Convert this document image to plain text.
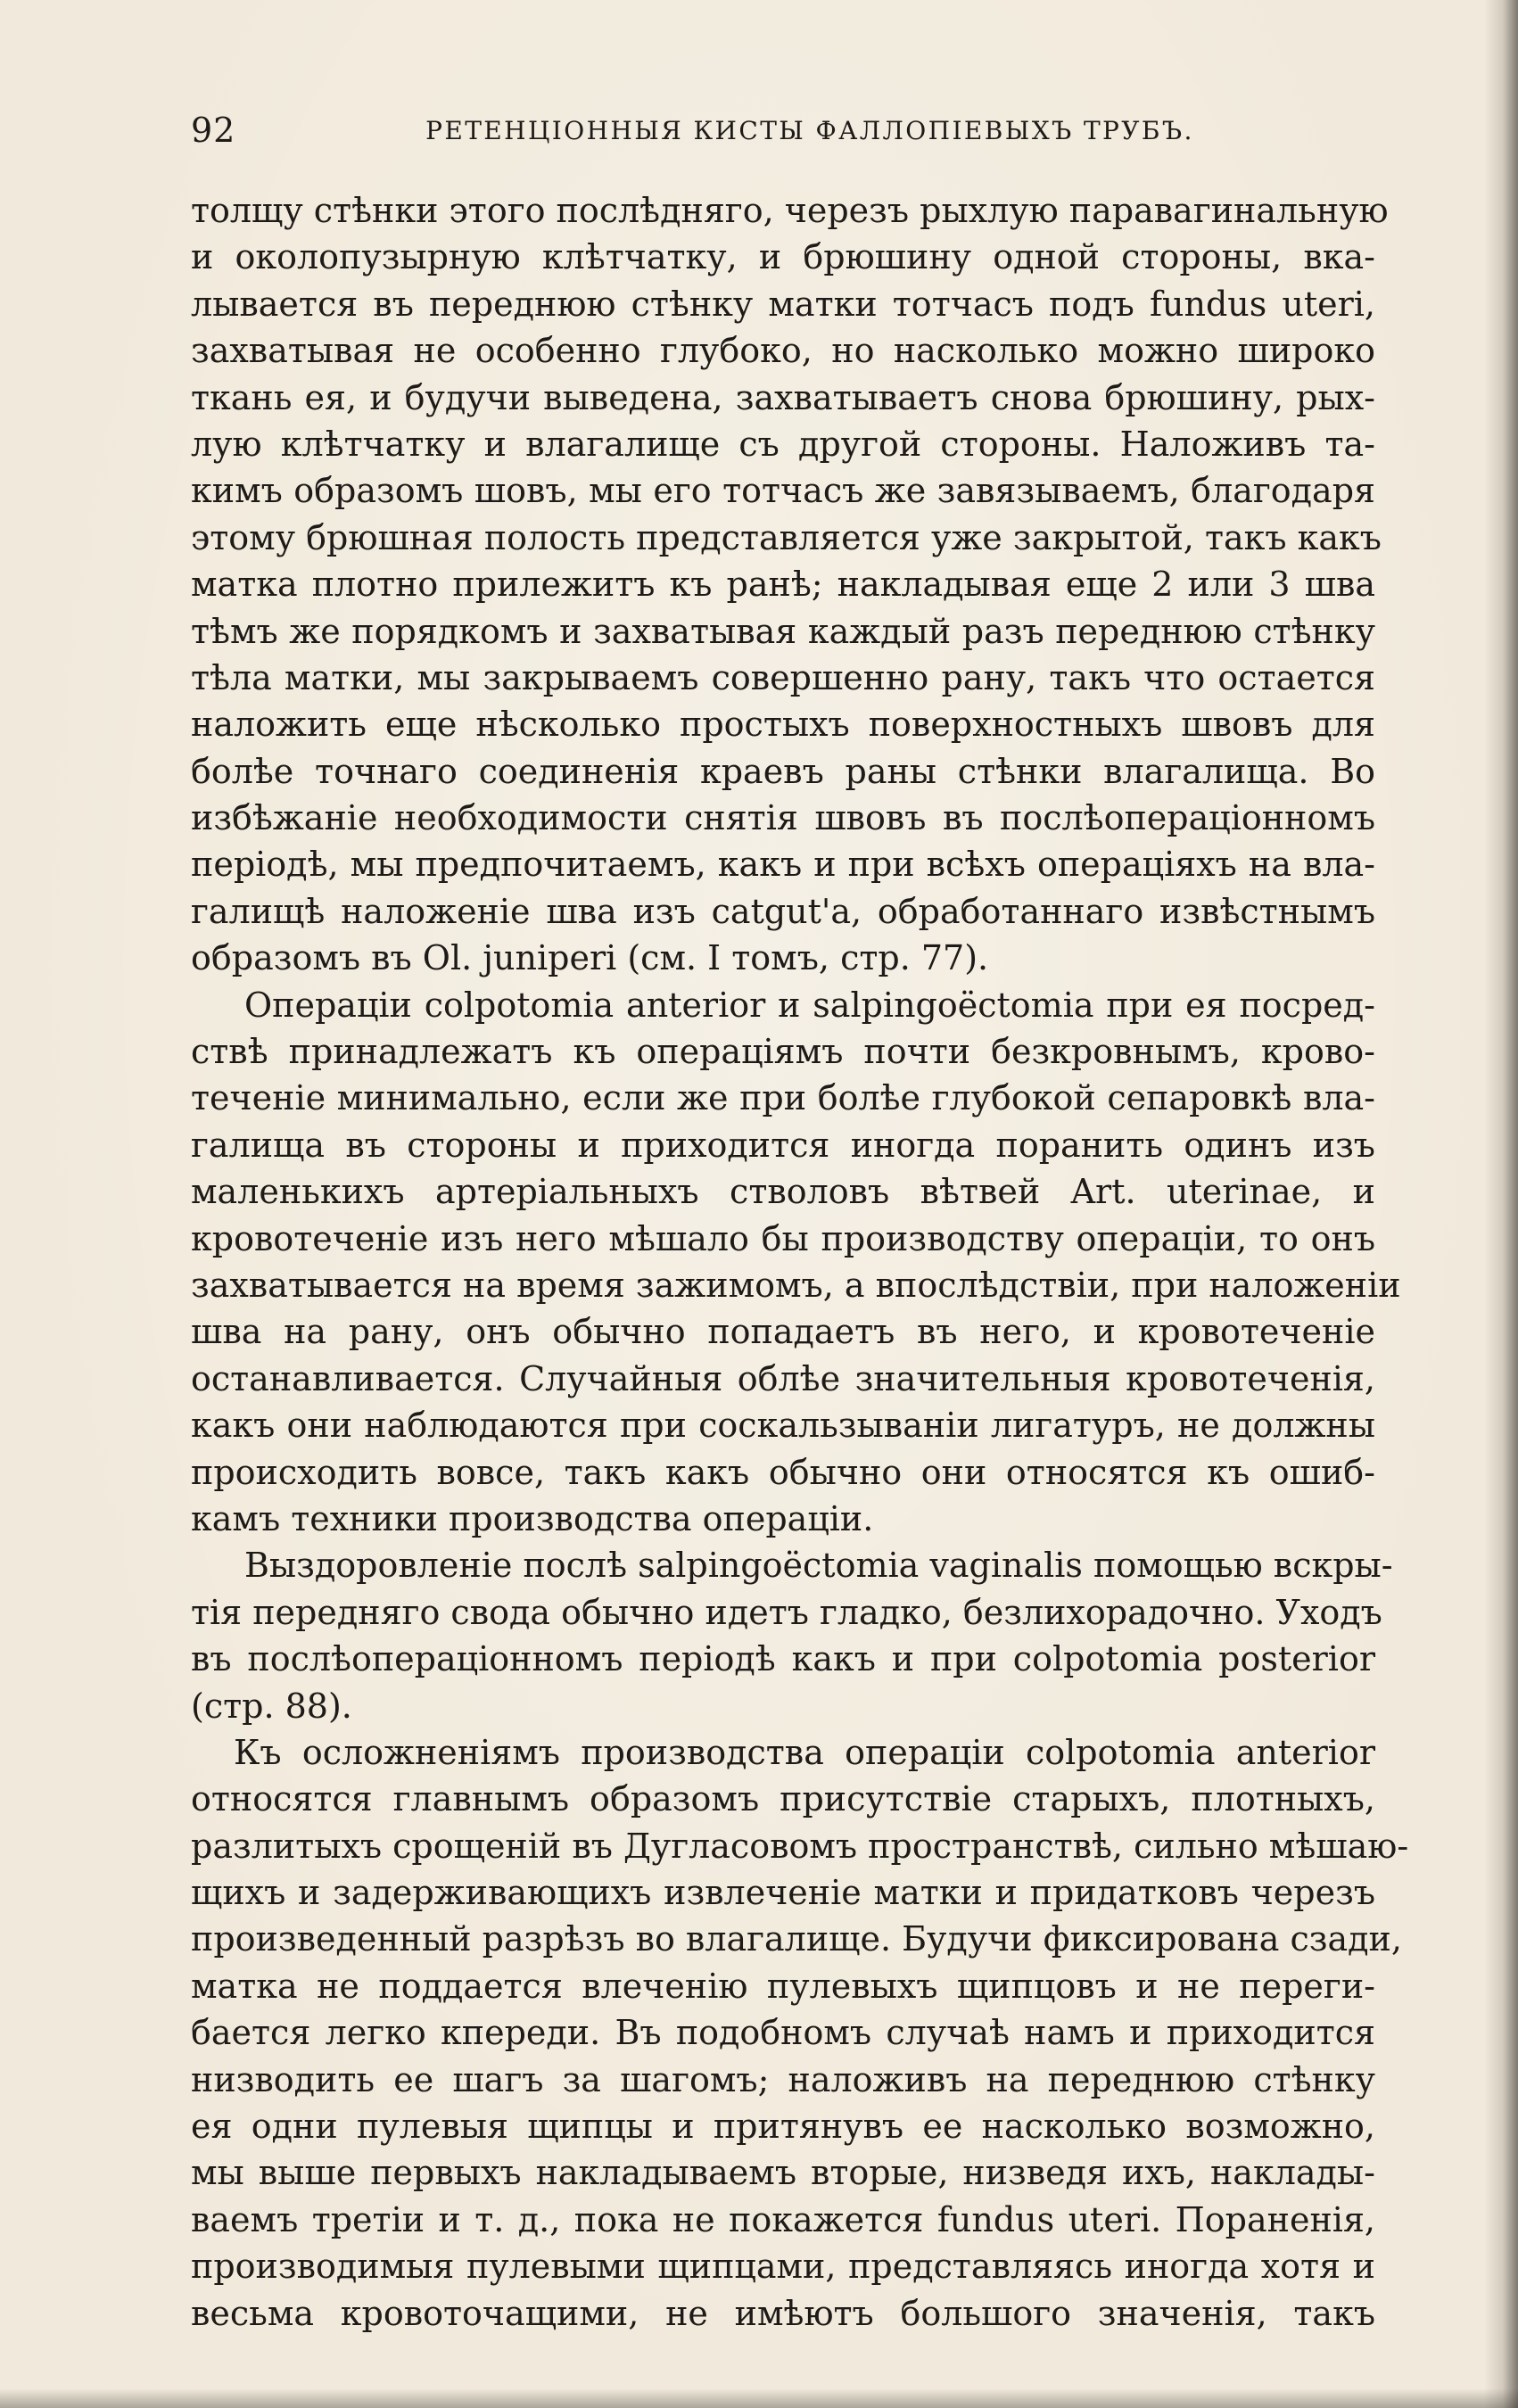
92	РЕТЕНЦІОННЫЯ КИСТЫ ФАЛЛОПІЕВЫХЪ ТРУБЪ.
толщу стѣнки этого послѣдняго, черезъ рыхлую паравагинальную
и околопузырную клѣтчатку, и брюшину одной стороны, вка-
лывается въ переднюю стѣнку матки тотчасъ подъ fundus uteri,
захватывая не особенно глубоко, но насколько можно широко
ткань ея, и будучи выведена, захватываетъ снова брюшину, рых-
лую клѣтчатку и влагалище съ другой стороны. Наложивъ та-
кимъ образомъ шовъ, мы его тотчасъ же завязываемъ, благодаря
этому брюшная полость представляется уже закрытой, такъ какъ
матка плотно прилежитъ къ ранѣ; накладывая еще 2 или 3 шва
тѣмъ же порядкомъ и захватывая каждый разъ переднюю стѣнку
тѣла матки, мы закрываемъ совершенно рану, такъ что остается
наложить еще нѣсколько простыхъ поверхностныхъ швовъ для
болѣе точнаго соединенія краевъ раны стѣнки влагалища. Во
избѣжаніе необходимости снятія швовъ въ послѣоперацiонномъ
періодѣ, мы предпочитаемъ, какъ и при всѣхъ операціяхъ на вла-
галищѣ наложеніе шва изъ catgut'a, обработаннаго извѣстнымъ
образомъ въ Ol. juniperi (см. I томъ, стр. 77).
Операціи colpotomia anterior и salpingoëctomia при ея посред-
ствѣ принадлежатъ къ операціямъ почти безкровнымъ, крово-
теченіе минимально, если же при болѣе глубокой сепаровкѣ вла-
галища въ стороны и приходится иногда поранить одинъ изъ
маленькихъ артеріальныхъ стволовъ вѣтвей Art. uterinae, и
кровотеченіе изъ него мѣшало бы производству операціи, то онъ
захватывается на время зажимомъ, а впослѣдствіи, при наложеніи
шва на рану, онъ обычно попадаетъ въ него, и кровотеченіе
останавливается. Случайныя облѣе значительныя кровотеченія,
какъ они наблюдаются при соскальзываніи лигатуръ, не должны
происходить вовсе, такъ какъ обычно они относятся къ ошиб-
камъ техники производства операціи.
Выздоровленіе послѣ salpingoëctomia vaginalis помощью вскры-
тія передняго свода обычно идетъ гладко, безлихорадочно. Уходъ
въ послѣоперацiонномъ періодѣ какъ и при colpotomia posterior
(стр. 88).
Къ осложненіямъ производства операціи colpotomia anterior
относятся главнымъ образомъ присутствіе старыхъ, плотныхъ,
разлитыхъ срощеній въ Дугласовомъ пространствѣ, сильно мѣшаю-
щихъ и задерживающихъ извлеченіе матки и придатковъ черезъ
произведенный разрѣзъ во влагалище. Будучи фиксирована сзади,
матка не поддается влеченію пулевыхъ щипцовъ и не переги-
бается легко кпереди. Въ подобномъ случаѣ намъ и приходится
низводить ее шагъ за шагомъ; наложивъ на переднюю стѣнку
ея одни пулевыя щипцы и притянувъ ее насколько возможно,
мы выше первыхъ накладываемъ вторые, низведя ихъ, наклады-
ваемъ третіи и т. д., пока не покажется fundus uteri. Пораненія,
производимыя пулевыми щипцами, представляясь иногда хотя и
весьма кровоточащими, не имѣютъ большого значенія, такъ
